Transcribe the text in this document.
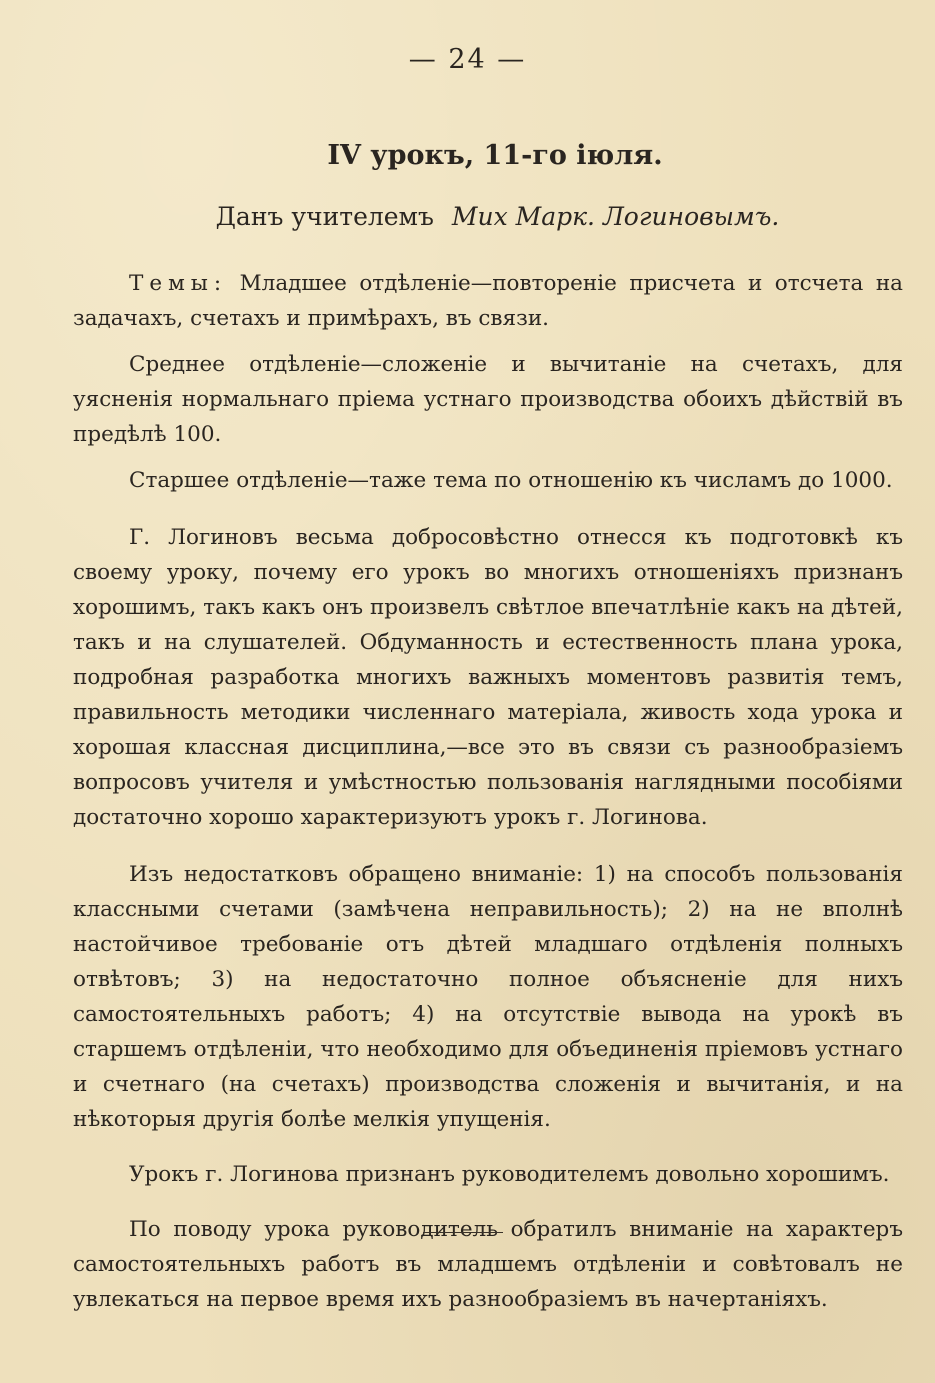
— 24 —
IV урокъ, 11-го іюля.
Данъ учителемъ Мих Марк. Логиновымъ.

Темы: Младшее отдѣленіе—повтореніе присчета и отсчета на задачахъ, счетахъ и примѣрахъ, въ связи.

Среднее отдѣленіе—сложеніе и вычитаніе на счетахъ, для уясненія нормальнаго пріема устнаго производства обоихъ дѣйствій въ предѣлѣ 100.

Старшее отдѣленіе—таже тема по отношенію къ числамъ до 1000.

Г. Логиновъ весьма добросовѣстно отнесся къ подготовкѣ къ своему уроку, почему его урокъ во многихъ отношеніяхъ признанъ хорошимъ, такъ какъ онъ произвелъ свѣтлое впечатлѣніе какъ на дѣтей, такъ и на слушателей. Обдуманность и естественность плана урока, подробная разработка многихъ важныхъ моментовъ развитія темъ, правильность методики численнаго матеріала, живость хода урока и хорошая классная дисциплина,—все это въ связи съ разнообразіемъ вопросовъ учителя и умѣстностью пользованія наглядными пособіями достаточно хорошо характеризуютъ урокъ г. Логинова.

Изъ недостатковъ обращено вниманіе: 1) на способъ пользованія классными счетами (замѣчена неправильность); 2) на не вполнѣ настойчивое требованіе отъ дѣтей младшаго отдѣленія полныхъ отвѣтовъ; 3) на недостаточно полное объясненіе для нихъ самостоятельныхъ работъ; 4) на отсутствіе вывода на урокѣ въ старшемъ отдѣленіи, что необходимо для объединенія пріемовъ устнаго и счетнаго (на счетахъ) производства сложенія и вычитанія, и на нѣкоторыя другія болѣе мелкія упущенія.

Урокъ г. Логинова признанъ руководителемъ довольно хорошимъ.

По поводу урока руководитель обратилъ вниманіе на характеръ самостоятельныхъ работъ въ младшемъ отдѣленіи и совѣтовалъ не увлекаться на первое время ихъ разнообразіемъ въ начертаніяхъ.
